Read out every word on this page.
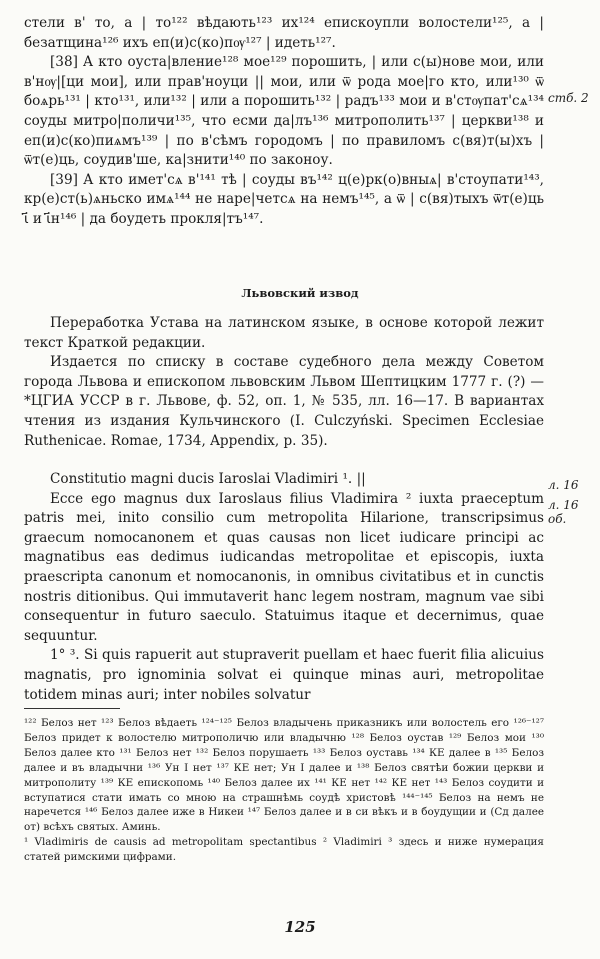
стели в' то, а | то¹²² вѣдають¹²³ их¹²⁴ епискоупли волостели¹²⁵, а | безатщина¹²⁶ ихъ еп(и)с(ко)пѹ¹²⁷ | идеть¹²⁷.

[38] А кто оуста|вление¹²⁸ мое¹²⁹ порошить, | или с(ы)нове мои, или в'нѹ|[ци мои], или прав'ноуци || мои, или ѿ рода мое|го кто, или¹³⁰ ѿ боѧрь¹³¹ | кто¹³¹, или¹³² | или а порошить¹³² | радъ¹³³ мои и в'стѹпат'сѧ¹³⁴ соуды митро|поличи¹³⁵, что есми да|лъ¹³⁶ митрополить¹³⁷ | церкви¹³⁸ и еп(и)с(ко)пиѧмъ¹³⁹ | по в'сѣмъ городомъ | по правиломъ с(вя)т(ы)хъ | ѿт(е)ць, соудив'ше, ка|знити¹⁴⁰ по законоу.

[39] А кто имет'сѧ в'¹⁴¹ тѣ | соуды въ¹⁴² ц(е)рк(о)вныѧ| в'стоупати¹⁴³, кр(е)ст(ь)ѧньско имѧ¹⁴⁴ не наре|четсѧ на немъ¹⁴⁵, а ѿ | с(вя)тыхъ ѿт(е)ць ꙇ҃ и ꙇ҃н¹⁴⁶ | да боудеть прокля|тъ¹⁴⁷.

стб. 2
Львовский извод

Переработка Устава на латинском языке, в основе которой лежит текст Краткой редакции.

Издается по списку в составе судебного дела между Советом города Львова и епископом львовским Львом Шептицким 1777 г. (?) — *ЦГИА УССР в г. Львове, ф. 52, оп. 1, № 535, лл. 16—17. В вариантах чтения из издания Кульчинского (I. Culczyński. Specimen Ecclesiae Ruthenicae. Romae, 1734, Appendix, p. 35).

Constitutio magni ducis Iaroslai Vladimiri ¹. ||

Ecce ego magnus dux Iaroslaus filius Vladimira ² iuxta praeceptum patris mei, inito consilio cum metropolita Hilarione, transcripsimus graecum nomocanonem et quas causas non licet iudicare principi ac magnatibus eas dedimus iudicandas metropolitae et episcopis, iuxta praescripta canonum et nomocanonis, in omnibus civitatibus et in cunctis nostris ditionibus. Qui immutaverit hanc legem nostram, magnum vae sibi consequentur in futuro saeculo. Statuimus itaque et decernimus, quae sequuntur.

1° ³. Si quis rapuerit aut stupraverit puellam et haec fuerit filia alicuius magnatis, pro ignominia solvat ei quinque minas auri, metropolitae totidem minas auri; inter nobiles solvatur

л. 16
л. 16 об.

¹²² Белоз нет ¹²³ Белоз вѣдаеть ¹²⁴⁻¹²⁵ Белоз владычень приказникъ или волостель его ¹²⁶⁻¹²⁷ Белоз придет к волостелю митрополичю или владычню ¹²⁸ Белоз оустав ¹²⁹ Белоз мои ¹³⁰ Белоз далее кто ¹³¹ Белоз нет ¹³² Белоз порушаеть ¹³³ Белоз оуставь ¹³⁴ КЕ далее в ¹³⁵ Белоз далее и въ владычни ¹³⁶ Ун I нет ¹³⁷ КЕ нет; Ун I далее и ¹³⁸ Белоз святѣи божии церкви и митрополиту ¹³⁹ КЕ епископомь ¹⁴⁰ Белоз далее их ¹⁴¹ КЕ нет ¹⁴² КЕ нет ¹⁴³ Белоз соудити и вступатися стати имать со мною на страшнѣмь соудѣ христовѣ ¹⁴⁴⁻¹⁴⁵ Белоз на немъ не наречется ¹⁴⁶ Белоз далее иже в Никеи ¹⁴⁷ Белоз далее и в си вѣкъ и в боудущии и (Сд далее от) всѣхъ святых. Аминь.

¹ Vladimiris de causis ad metropolitam spectantibus ² Vladimiri ³ здесь и ниже нумерация статей римскими цифрами.

125
